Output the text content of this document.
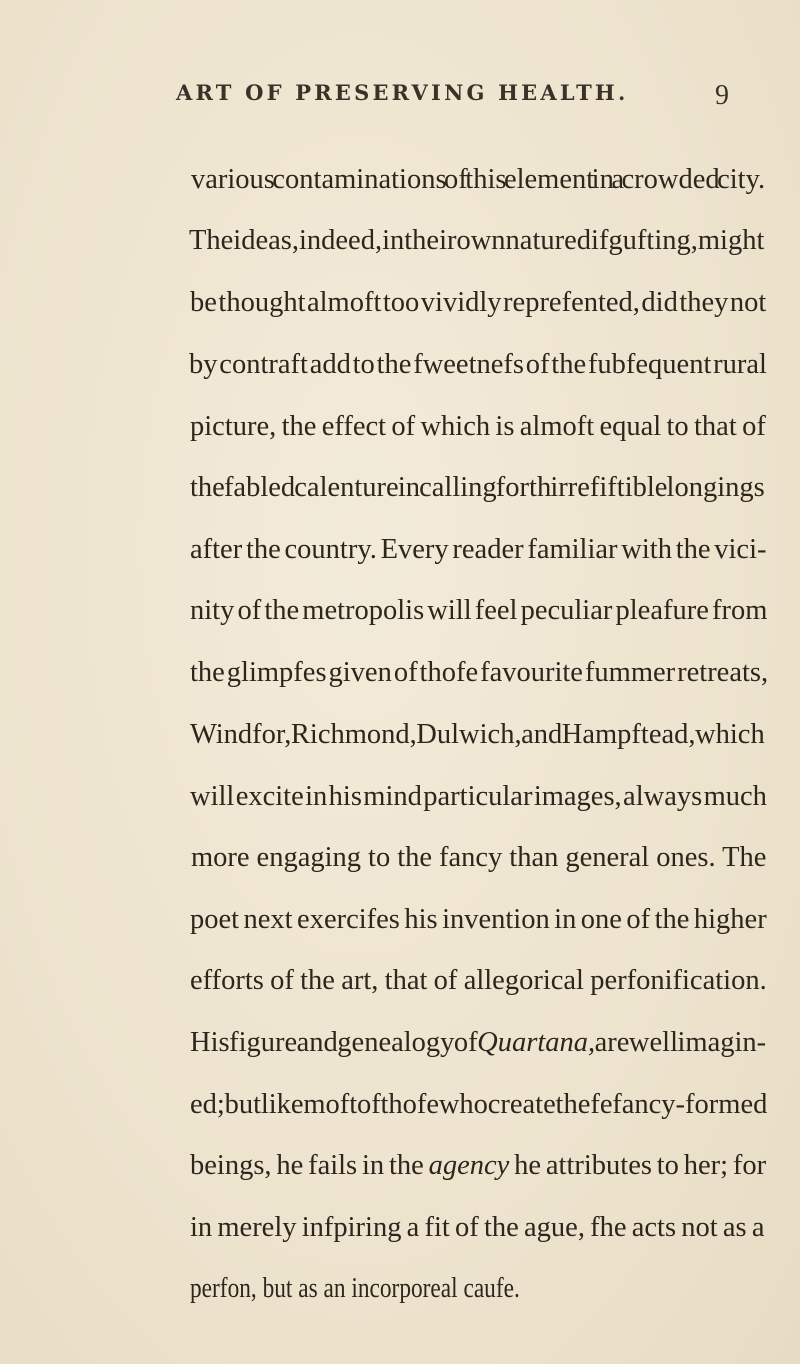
ART OF PRESERVING HEALTH.	9
various contaminations of this element in a crowded city.
The ideas, indeed, in their own nature difgufting, might
be thought almoft too vividly reprefented, did they not
by contraft add to the fweetnefs of the fubfequent rural
picture, the effect of which is almoft equal to that of
the fabled calenture in calling forth irrefiftible longings
after the country. Every reader familiar with the vici-
nity of the metropolis will feel peculiar pleafure from
the glimpfes given of thofe favourite fummer retreats,
Windfor, Richmond, Dulwich, and Hampftead, which
will excite in his mind particular images, always much
more engaging to the fancy than general ones. The
poet next exercifes his invention in one of the higher
efforts of the art, that of allegorical perfonification.
His figure and genealogy of Quartana, are well imagin-
ed; but like moft of thofe who create thefe fancy-formed
beings, he fails in the agency he attributes to her; for
in merely infpiring a fit of the ague, fhe acts not as a
perfon, but as an incorporeal caufe.
